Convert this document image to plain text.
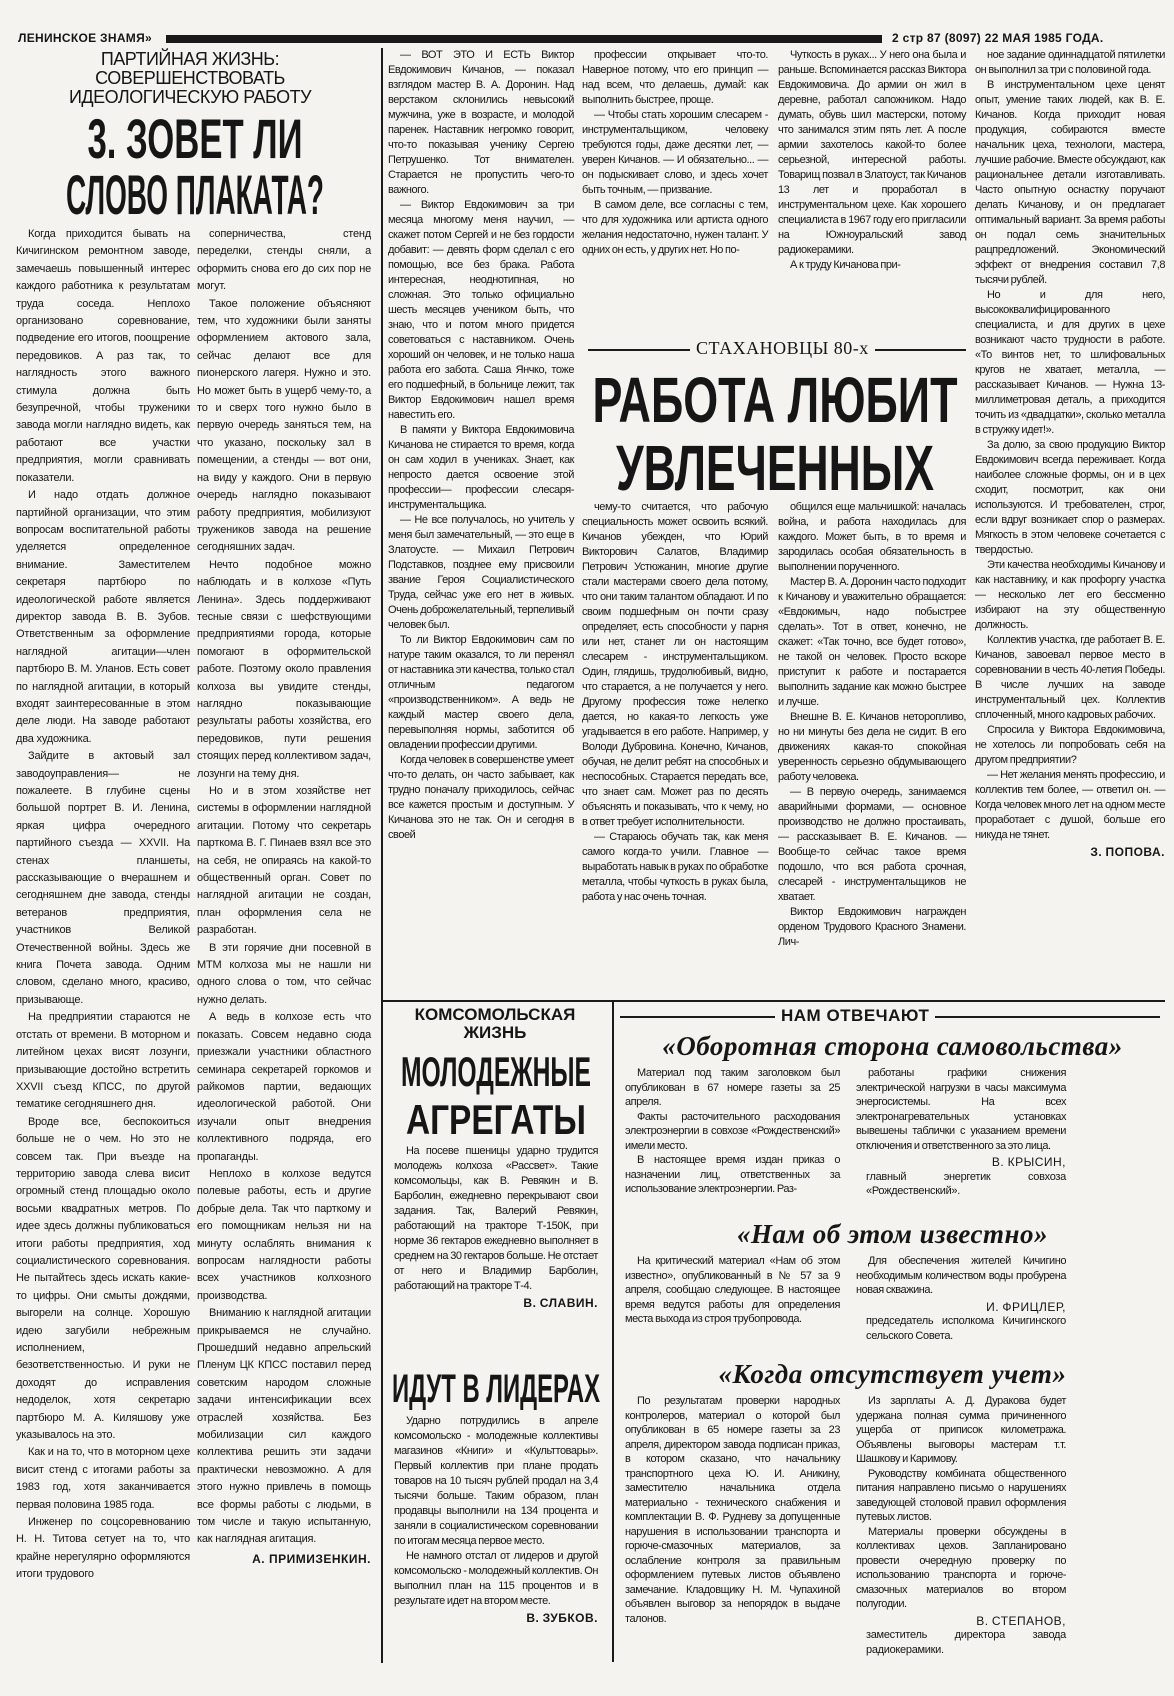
ЛЕНИНСКОЕ ЗНАМЯ»	2 стр 87 (8097) 22 МАЯ 1985 ГОДА.
ПАРТИЙНАЯ ЖИЗНЬ:
СОВЕРШЕНСТВОВАТЬ
ИДЕОЛОГИЧЕСКУЮ РАБОТУ
3. ЗОВЕТ ЛИ
СЛОВО ПЛАКАТА?

Когда приходится бывать на Кичигинском ремонтном заводе, замечаешь повышенный интерес каждого работника к результатам труда соседа. Неплохо организовано соревнование, подведение его итогов, поощрение передовиков. А раз так, то наглядность этого важного стимула должна быть безупречной, чтобы труженики завода могли наглядно видеть, как работают все участки предприятия, могли сравнивать показатели.

И надо отдать должное партийной организации, что этим вопросам воспитательной работы уделяется определенное внимание. Заместителем секретаря партбюро по идеологической работе является директор завода В. В. Зубов. Ответственным за оформление наглядной агитации—член партбюро В. М. Уланов. Есть совет по наглядной агитации, в который входят заинтересованные в этом деле люди. На заводе работают два художника.

Зайдите в актовый зал заводоуправления— не пожалеете. В глубине сцены большой портрет В. И. Ленина, яркая цифра очередного партийного съезда — XXVII. На стенах планшеты, рассказывающие о вчерашнем и сегодняшнем дне завода, стенды ветеранов предприятия, участников Великой Отечественной войны. Здесь же книга Почета завода. Одним словом, сделано много, красиво, призывающе.

На предприятии стараются не отстать от времени. В моторном и литейном цехах висят лозунги, призывающие достойно встретить XXVII съезд КПСС, по другой тематике сегодняшнего дня.

Вроде все, беспокоиться больше не о чем. Но это не совсем так. При въезде на территорию завода слева висит огромный стенд площадью около восьми квадратных метров. По идее здесь должны публиковаться итоги работы предприятия, ход социалистического соревнования. Не пытайтесь здесь искать какие-то цифры. Они смыты дождями, выгорели на солнце. Хорошую идею загубили небрежным исполнением, безответственностью. И руки не доходят до исправления недоделок, хотя секретарю партбюро М. А. Киляшову уже указывалось на это.

Как и на то, что в моторном цехе висит стенд с итогами работы за 1983 год, хотя заканчивается первая половина 1985 года.

Инженер по соцсоревнованию Н. Н. Титова сетует на то, что крайне нерегулярно оформляются итоги трудового

соперничества, стенд переделки, стенды сняли, а оформить снова его до сих пор не могут.

Такое положение объясняют тем, что художники были заняты оформлением актового зала, сейчас делают все для пионерского лагеря. Нужно и это. Но может быть в ущерб чему-то, а то и сверх того нужно было в первую очередь заняться тем, на что указано, поскольку зал в помещении, а стенды — вот они, на виду у каждого. Они в первую очередь наглядно показывают работу предприятия, мобилизуют тружеников завода на решение сегодняшних задач.

Нечто подобное можно наблюдать и в колхозе «Путь Ленина». Здесь поддерживают тесные связи с шефствующими предприятиями города, которые помогают в оформительской работе. Поэтому около правления колхоза вы увидите стенды, наглядно показывающие результаты работы хозяйства, его передовиков, пути решения стоящих перед коллективом задач, лозунги на тему дня.

Но и в этом хозяйстве нет системы в оформлении наглядной агитации. Потому что секретарь парткома В. Г. Пинаев взял все это на себя, не опираясь на какой-то общественный орган. Совет по наглядной агитации не создан, план оформления села не разработан.

В эти горячие дни посевной в МТМ колхоза мы не нашли ни одного слова о том, что сейчас нужно делать.

А ведь в колхозе есть что показать. Совсем недавно сюда приезжали участники областного семинара секретарей горкомов и райкомов партии, ведающих идеологической работой. Они изучали опыт внедрения коллективного подряда, его пропаганды.

Неплохо в колхозе ведутся полевые работы, есть и другие добрые дела. Так что парткому и его помощникам нельзя ни на минуту ослаблять внимания к вопросам наглядности работы всех участников колхозного производства.

Вниманию к наглядной агитации прикрываемся не случайно. Прошедший недавно апрельский Пленум ЦК КПСС поставил перед советским народом сложные задачи интенсификации всех отраслей хозяйства. Без мобилизации сил каждого коллектива решить эти задачи практически невозможно. А для этого нужно привлечь в помощь все формы работы с людьми, в том числе и такую испытанную, как наглядная агитация.

А. ПРИМИЗЕНКИН.

— ВОТ ЭТО И ЕСТЬ Виктор Евдокимович Кичанов, — показал взглядом мастер В. А. Доронин. Над верстаком склонились невысокий мужчина, уже в возрасте, и молодой паренек. Наставник негромко говорит, что-то показывая ученику Сергею Петрушенко. Тот внимателен. Старается не пропустить чего-то важного.

— Виктор Евдокимович за три месяца многому меня научил, — скажет потом Сергей и не без гордости добавит: — девять форм сделал с его помощью, все без брака. Работа интересная, неоднотипная, но сложная. Это только официально шесть месяцев учеником быть, что знаю, что и потом много придется советоваться с наставником. Очень хороший он человек, и не только наша работа его забота. Саша Янчко, тоже его подшефный, в больнице лежит, так Виктор Евдокимович нашел время навестить его.

В памяти у Виктора Евдокимовича Кичанова не стирается то время, когда он сам ходил в учениках. Знает, как непросто дается освоение этой профессии— профессии слесаря-инструментальщика.

— Не все получалось, но учитель у меня был замечательный, — это еще в Златоусте. — Михаил Петрович Подставков, позднее ему присвоили звание Героя Социалистического Труда, сейчас уже его нет в живых. Очень доброжелательный, терпеливый человек был.

То ли Виктор Евдокимович сам по натуре таким оказался, то ли перенял от наставника эти качества, только стал отличным педагогом «производственником». А ведь не каждый мастер своего дела, перевыполняя нормы, заботится об овладении профессии другими.

Когда человек в совершенстве умеет что-то делать, он часто забывает, как трудно поначалу приходилось, сейчас все кажется простым и доступным. У Кичанова это не так. Он и сегодня в своей

профессии открывает что-то. Наверное потому, что его принцип — над всем, что делаешь, думай: как выполнить быстрее, проще.

— Чтобы стать хорошим слесарем - инструментальщиком, человеку требуются годы, даже десятки лет, — уверен Кичанов. — И обязательно... — он подыскивает слово, и здесь хочет быть точным, — призвание.

В самом деле, все согласны с тем, что для художника или артиста одного желания недостаточно, нужен талант. У одних он есть, у других нет. Но по-

Чуткость в руках... У него она была и раньше. Вспоминается рассказ Виктора Евдокимовича. До армии он жил в деревне, работал сапожником. Надо думать, обувь шил мастерски, потому что занимался этим пять лет. А после армии захотелось какой-то более серьезной, интересной работы. Товарищ позвал в Златоуст, так Кичанов 13 лет и проработал в инструментальном цехе. Как хорошего специалиста в 1967 году его пригласили на Южноуральский завод радиокерамики.

А к труду Кичанова при-

ное задание одиннадцатой пятилетки он выполнил за три с половиной года.

В инструментальном цехе ценят опыт, умение таких людей, как В. Е. Кичанов. Когда приходит новая продукция, собираются вместе начальник цеха, технологи, мастера, лучшие рабочие. Вместе обсуждают, как рациональнее детали изготавливать. Часто опытную оснастку поручают делать Кичанову, и он предлагает оптимальный вариант. За время работы он подал семь значительных рацпредложений. Экономический эффект от внедрения составил 7,8 тысячи рублей.

Но и для него, высококвалифицированного специалиста, и для других в цехе возникают часто трудности в работе. «То винтов нет, то шлифовальных кругов не хватает, металла, — рассказывает Кичанов. — Нужна 13-миллиметровая деталь, а приходится точить из «двадцатки», сколько металла в стружку идет!».

За долю, за свою продукцию Виктор Евдокимович всегда переживает. Когда наиболее сложные формы, он и в цех сходит, посмотрит, как они используются. И требователен, строг, если вдруг возникает спор о размерах. Мягкость в этом человеке сочетается с твердостью.

Эти качества необходимы Кичанову и как наставнику, и как профоргу участка — несколько лет его бессменно избирают на эту общественную должность.

Коллектив участка, где работает В. Е. Кичанов, завоевал первое место в соревновании в честь 40-летия Победы. В числе лучших на заводе инструментальный цех. Коллектив сплоченный, много кадровых рабочих.

Спросила у Виктора Евдокимовича, не хотелось ли попробовать себя на другом предприятии?

— Нет желания менять профессию, и коллектив тем более, — ответил он. — Когда человек много лет на одном месте проработает с душой, больше его никуда не тянет.

З. ПОПОВА.
СТАХАНОВЦЫ 80-х
РАБОТА ЛЮБИТ
УВЛЕЧЕННЫХ

чему-то считается, что рабочую специальность может освоить всякий. Кичанов убежден, что Юрий Викторович Салатов, Владимир Петрович Устюжанин, многие другие стали мастерами своего дела потому, что они таким талантом обладают. И по своим подшефным он почти сразу определяет, есть способности у парня или нет, станет ли он настоящим слесарем - инструментальщиком. Один, глядишь, трудолюбивый, видно, что старается, а не получается у него. Другому профессия тоже нелегко дается, но какая-то легкость уже угадывается в его работе. Например, у Володи Дубровина. Конечно, Кичанов, обучая, не делит ребят на способных и неспособных. Старается передать все, что знает сам. Может раз по десять объяснять и показывать, что к чему, но в ответ требует исполнительности.

— Стараюсь обучать так, как меня самого когда-то учили. Главное — выработать навык в руках по обработке металла, чтобы чуткость в руках была, работа у нас очень точная.

общился еще мальчишкой: началась война, и работа находилась для каждого. Может быть, в то время и зародилась особая обязательность в выполнении порученного.

Мастер В. А. Доронин часто подходит к Кичанову и уважительно обращается: «Евдокимыч, надо побыстрее сделать». Тот в ответ, конечно, не скажет: «Так точно, все будет готово», не такой он человек. Просто вскоре приступит к работе и постарается выполнить задание как можно быстрее и лучше.

Внешне В. Е. Кичанов неторопливо, но ни минуты без дела не сидит. В его движениях какая-то спокойная уверенность серьезно обдумывающего работу человека.

— В первую очередь, занимаемся аварийными формами, — основное производство не должно простаивать, — рассказывает В. Е. Кичанов. — Вообще-то сейчас такое время подошло, что вся работа срочная, слесарей - инструментальщиков не хватает.

Виктор Евдокимович награжден орденом Трудового Красного Знамени. Лич-

КОМСОМОЛЬСКАЯ
ЖИЗНЬ
МОЛОДЕЖНЫЕ
АГРЕГАТЫ

На посеве пшеницы ударно трудится молодежь колхоза «Рассвет». Такие комсомольцы, как В. Ревякин и В. Барболин, ежедневно перекрывают свои задания. Так, Валерий Ревякин, работающий на тракторе Т-150К, при норме 36 гектаров ежедневно выполняет в среднем на 30 гектаров больше. Не отстает от него и Владимир Барболин, работающий на тракторе Т-4.

В. СЛАВИН.
ИДУТ В ЛИДЕРАХ

Ударно потрудились в апреле комсомольско - молодежные коллективы магазинов «Книги» и «Культтовары». Первый коллектив при плане продать товаров на 10 тысяч рублей продал на 3,4 тысячи больше. Таким образом, план продавцы выполнили на 134 процента и заняли в социалистическом соревновании по итогам месяца первое место.

Не намного отстал от лидеров и другой комсомольско - молодежный коллектив. Он выполнил план на 115 процентов и в результате идет на втором месте.

В. ЗУБКОВ.
НАМ ОТВЕЧАЮТ
«Оборотная сторона самовольства»

Материал под таким заголовком был опубликован в 67 номере газеты за 25 апреля.

Факты расточительного расходования электроэнергии в совхозе «Рождественский» имели место.

В настоящее время издан приказ о назначении лиц, ответственных за использование электроэнергии. Раз-

работаны графики снижения электрической нагрузки в часы максимума энергосистемы. На всех электронагревательных установках вывешены таблички с указанием времени отключения и ответственного за это лица.

В. КРЫСИН,
главный энергетик совхоза «Рождественский».
«Нам об этом известно»

На критический материал «Нам об этом известно», опубликованный в № 57 за 9 апреля, сообщаю следующее. В настоящее время ведутся работы для определения места выхода из строя трубопровода.

Для обеспечения жителей Кичигино необходимым количеством воды пробурена новая скважина.

И. ФРИЦЛЕР,
председатель исполкома Кичигинского сельского Совета.
«Когда отсутствует учет»

По результатам проверки народных контролеров, материал о которой был опубликован в 65 номере газеты за 23 апреля, директором завода подписан приказ, в котором сказано, что начальнику транспортного цеха Ю. И. Аникину, заместителю начальника отдела материально - технического снабжения и комплектации В. Ф. Рудневу за допущенные нарушения в использовании транспорта и горюче-смазочных материалов, за ослабление контроля за правильным оформлением путевых листов объявлено замечание. Кладовщику Н. М. Чупахиной объявлен выговор за непорядок в выдаче талонов.

Из зарплаты А. Д. Дуракова будет удержана полная сумма причиненного ущерба от приписок километража. Объявлены выговоры мастерам т.т. Шашкову и Каримову.

Руководству комбината общественного питания направлено письмо о нарушениях заведующей столовой правил оформления путевых листов.

Материалы проверки обсуждены в коллективах цехов. Запланировано провести очередную проверку по использованию транспорта и горюче-смазочных материалов во втором полугодии.

В. СТЕПАНОВ,
заместитель директора завода радиокерамики.
